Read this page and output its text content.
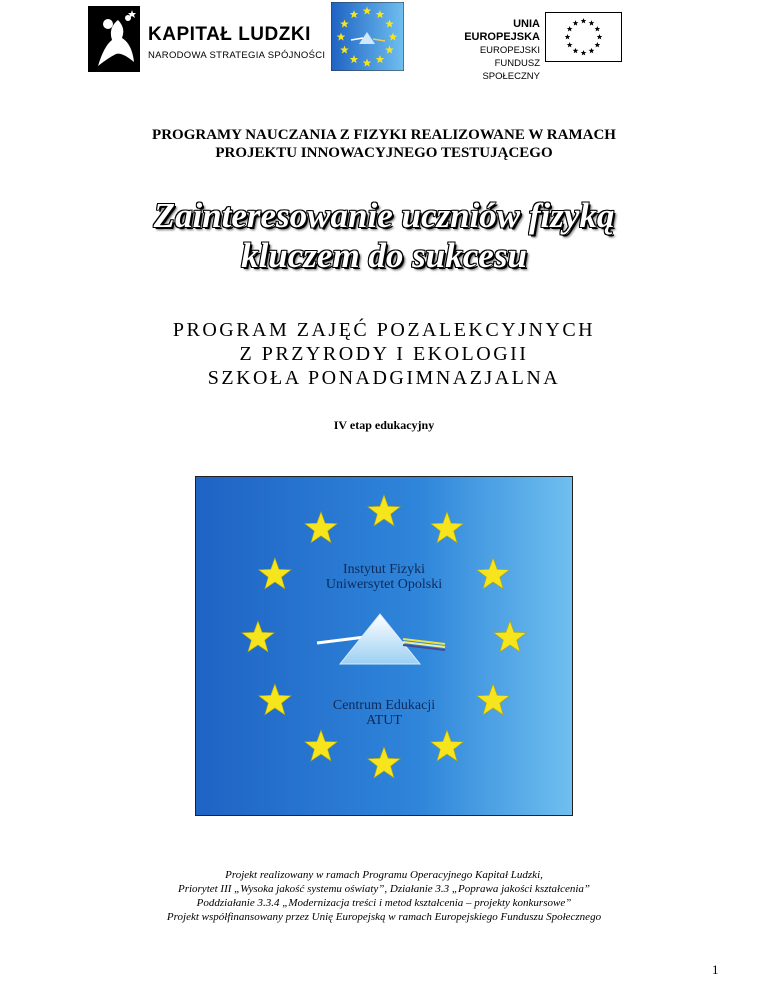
KAPITAŁ LUDZKI
NARODOWA STRATEGIA SPÓJNOŚCI
UNIA EUROPEJSKA
EUROPEJSKI
FUNDUSZ SPOŁECZNY
PROGRAMY NAUCZANIA Z FIZYKI REALIZOWANE W RAMACH
PROJEKTU INNOWACYJNEGO TESTUJĄCEGO
Zainteresowanie uczniów fizyką
kluczem do sukcesu
PROGRAM ZAJĘĆ POZALEKCYJNYCH
Z PRZYRODY I EKOLOGII
SZKOŁA PONADGIMNAZJALNA
IV etap edukacyjny
Instytut Fizyki
Uniwersytet Opolski
Centrum Edukacji
ATUT
Projekt realizowany w ramach Programu Operacyjnego Kapitał Ludzki,
Priorytet III „Wysoka jakość systemu oświaty”, Działanie 3.3 „Poprawa jakości kształcenia”
Poddziałanie 3.3.4 „Modernizacja treści i metod kształcenia – projekty konkursowe”
Projekt współfinansowany przez Unię Europejską w ramach Europejskiego Funduszu Społecznego
1
